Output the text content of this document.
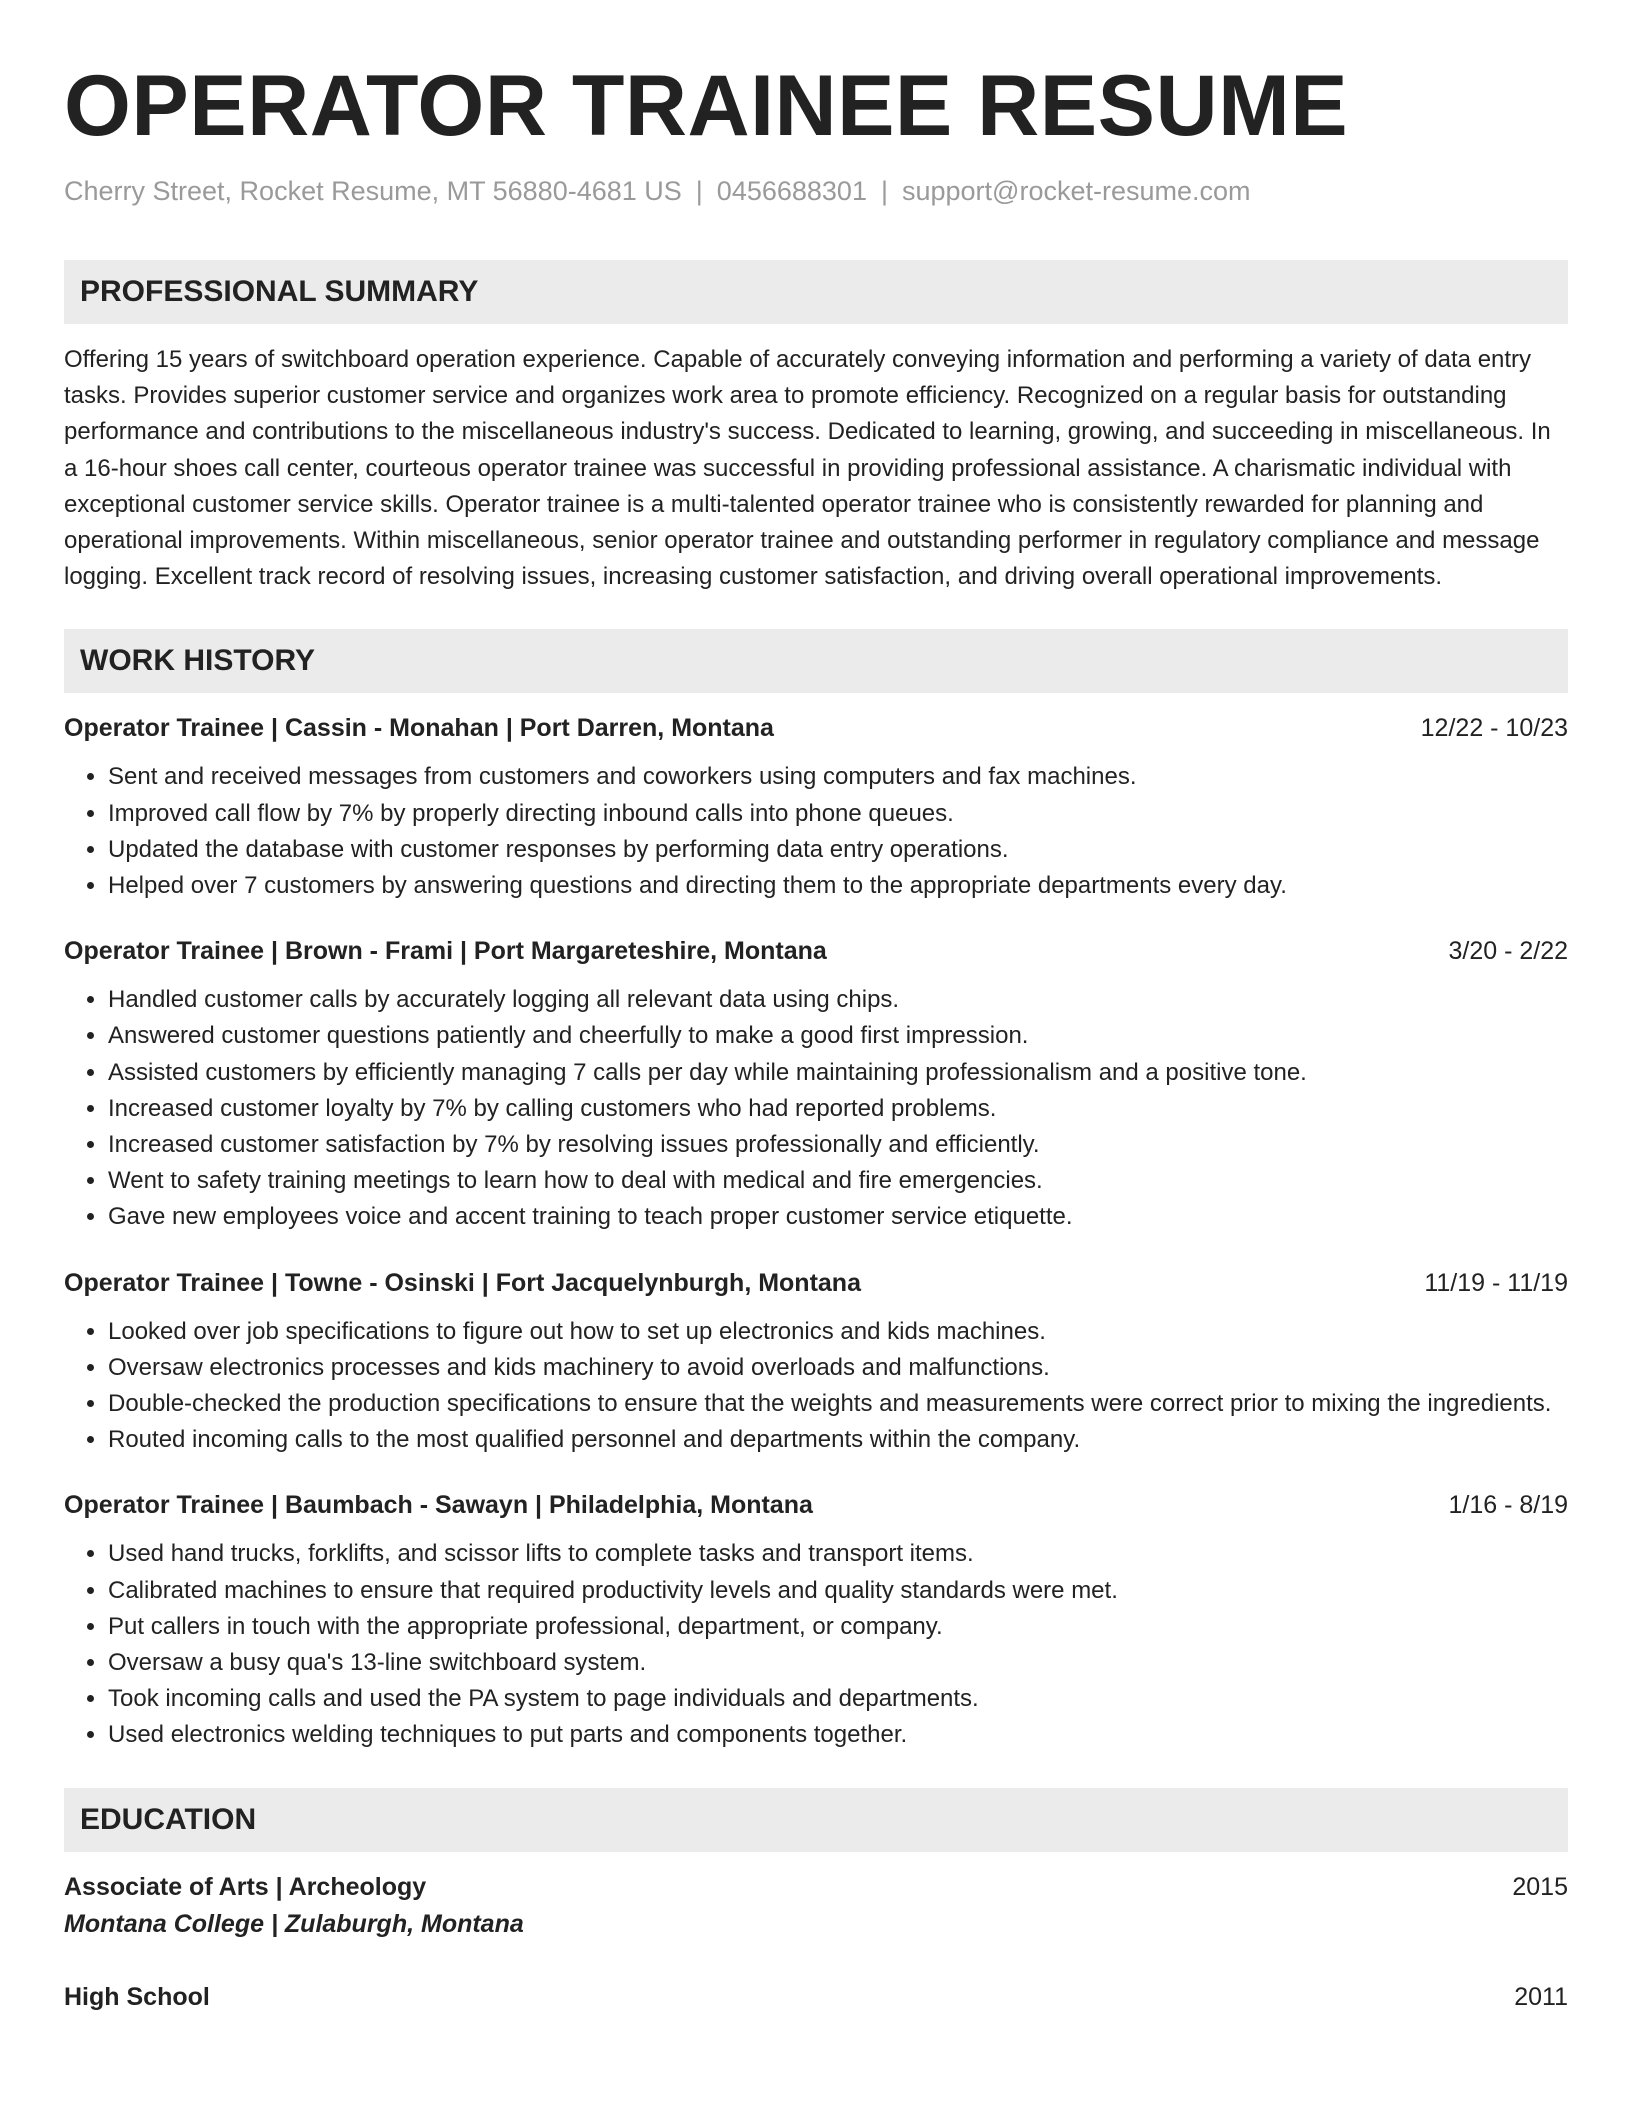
OPERATOR TRAINEE RESUME
Cherry Street, Rocket Resume, MT 56880-4681 US | 0456688301 | support@rocket-resume.com
PROFESSIONAL SUMMARY

Offering 15 years of switchboard operation experience. Capable of accurately conveying information and performing a variety of data entry tasks. Provides superior customer service and organizes work area to promote efficiency. Recognized on a regular basis for outstanding performance and contributions to the miscellaneous industry's success. Dedicated to learning, growing, and succeeding in miscellaneous. In a 16-hour shoes call center, courteous operator trainee was successful in providing professional assistance. A charismatic individual with exceptional customer service skills. Operator trainee is a multi-talented operator trainee who is consistently rewarded for planning and operational improvements. Within miscellaneous, senior operator trainee and outstanding performer in regulatory compliance and message logging. Excellent track record of resolving issues, increasing customer satisfaction, and driving overall operational improvements.

WORK HISTORY
Operator Trainee | Cassin - Monahan | Port Darren, Montana	12/22 - 10/23
• Sent and received messages from customers and coworkers using computers and fax machines.
• Improved call flow by 7% by properly directing inbound calls into phone queues.
• Updated the database with customer responses by performing data entry operations.
• Helped over 7 customers by answering questions and directing them to the appropriate departments every day.
Operator Trainee | Brown - Frami | Port Margareteshire, Montana	3/20 - 2/22
• Handled customer calls by accurately logging all relevant data using chips.
• Answered customer questions patiently and cheerfully to make a good first impression.
• Assisted customers by efficiently managing 7 calls per day while maintaining professionalism and a positive tone.
• Increased customer loyalty by 7% by calling customers who had reported problems.
• Increased customer satisfaction by 7% by resolving issues professionally and efficiently.
• Went to safety training meetings to learn how to deal with medical and fire emergencies.
• Gave new employees voice and accent training to teach proper customer service etiquette.
Operator Trainee | Towne - Osinski | Fort Jacquelynburgh, Montana	11/19 - 11/19
• Looked over job specifications to figure out how to set up electronics and kids machines.
• Oversaw electronics processes and kids machinery to avoid overloads and malfunctions.
• Double-checked the production specifications to ensure that the weights and measurements were correct prior to mixing the ingredients.
• Routed incoming calls to the most qualified personnel and departments within the company.
Operator Trainee | Baumbach - Sawayn | Philadelphia, Montana	1/16 - 8/19
• Used hand trucks, forklifts, and scissor lifts to complete tasks and transport items.
• Calibrated machines to ensure that required productivity levels and quality standards were met.
• Put callers in touch with the appropriate professional, department, or company.
• Oversaw a busy qua's 13-line switchboard system.
• Took incoming calls and used the PA system to page individuals and departments.
• Used electronics welding techniques to put parts and components together.
EDUCATION
Associate of Arts | Archeology	2015
Montana College | Zulaburgh, Montana
High School	2011
